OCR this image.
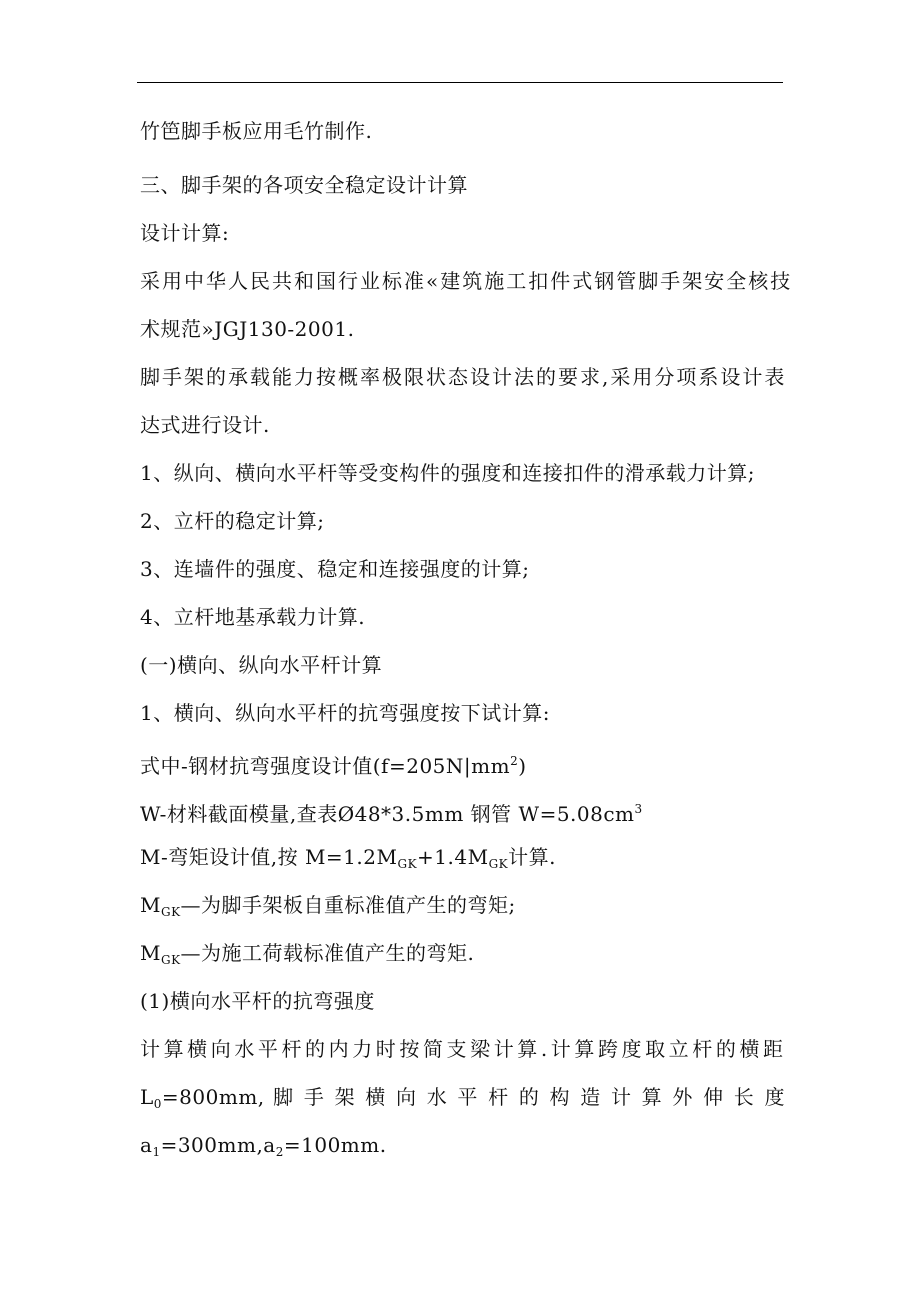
竹笆脚手板应用毛竹制作.
三、脚手架的各项安全稳定设计计算
设计计算:
采用中华人民共和国行业标准«建筑施工扣件式钢管脚手架安全核技
术规范»JGJ130-2001.
脚手架的承载能力按概率极限状态设计法的要求,采用分项系设计表
达式进行设计.
1、纵向、横向水平杆等受变构件的强度和连接扣件的滑承载力计算;
2、立杆的稳定计算;
3、连墙件的强度、稳定和连接强度的计算;
4、立杆地基承载力计算.
(一)横向、纵向水平杆计算
1、横向、纵向水平杆的抗弯强度按下试计算:
式中-钢材抗弯强度设计值$(f=205N|mm^2)$
W-材料截面模量,查表Ø48*3.5mm 钢管 $W=5.08cm^3$
M-弯矩设计值,按 $M=1.2M_{GK}+1.4M_{GK}$计算.
$M_{GK}—$为脚手架板自重标准值产生的弯矩;
$M_{GK}—$为施工荷载标准值产生的弯矩.
(1)横向水平杆的抗弯强度
计算横向水平杆的内力时按简支梁计算.计算跨度取立杆的横距
$L_0=800mm$, 脚 手 架 横 向 水 平 杆 的 构 造 计 算 外 伸 长 度
$a_1=300mm,a_2=100mm$.
